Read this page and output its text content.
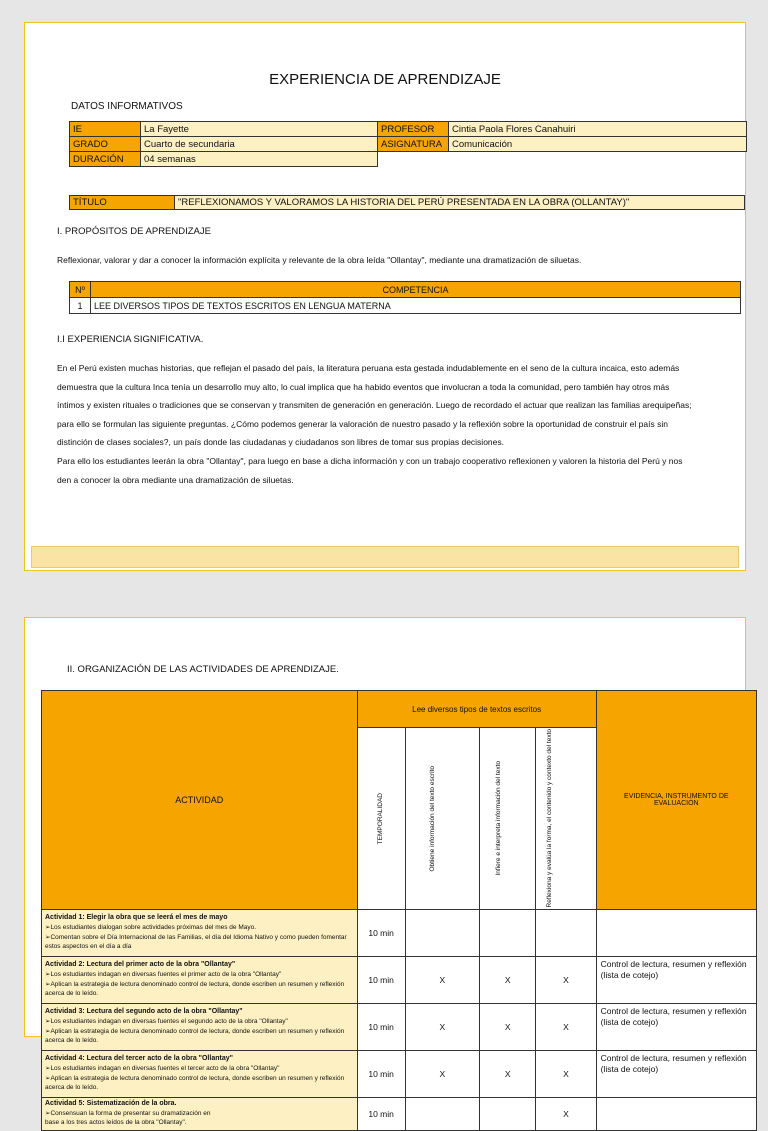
EXPERIENCIA DE APRENDIZAJE
DATOS INFORMATIVOS
IE	La Fayette	PROFESOR	Cintia Paola Flores Canahuiri
GRADO	Cuarto de secundaria	ASIGNATURA	Comunicación
DURACIÓN	04 semanas		
TÍTULO	"REFLEXIONAMOS Y VALORAMOS LA HISTORIA DEL PERÚ PRESENTADA EN LA OBRA (OLLANTAY)"
I. PROPÓSITOS DE APRENDIZAJE
Reflexionar, valorar y dar a conocer la información explícita y relevante de la obra leída "Ollantay", mediante una dramatización de siluetas.
Nº	COMPETENCIA
1	LEE DIVERSOS TIPOS DE TEXTOS ESCRITOS EN LENGUA MATERNA
I.I EXPERIENCIA SIGNIFICATIVA.
En el Perú existen muchas historias, que reflejan el pasado del país, la literatura peruana esta gestada indudablemente en el seno de la cultura incaica, esto además
demuestra que la cultura Inca tenía un desarrollo muy alto, lo cual implica que ha habido eventos que involucran a toda la comunidad, pero también hay otros más
íntimos y existen rituales o tradiciones que se conservan y transmiten de generación en generación. Luego de recordado el actuar que realizan las familias arequipeñas;
para ello se formulan las siguiente preguntas. ¿Cómo podemos generar la valoración de nuestro pasado y la reflexión sobre la oportunidad de construir el país sin
distinción de clases sociales?, un país donde las ciudadanas y ciudadanos son libres de tomar sus propias decisiones.
Para ello los estudiantes leerán la obra "Ollantay", para luego en base a dicha información y con un trabajo cooperativo reflexionen y valoren la historia del Perú y nos
den a conocer la obra mediante una dramatización de siluetas.
II. ORGANIZACIÓN DE LAS ACTIVIDADES DE APRENDIZAJE.
ACTIVIDAD	Lee diversos tipos de textos escritos				EVIDENCIA, INSTRUMENTO DE EVALUACIÓN

	TEMPORALIDAD	Obtiene información del texto escrito	Infiere e interpreta información del texto	Reflexiona y evalúa la forma, el contenido y contexto del texto	

Actividad 1: Elegir la obra que se leerá el mes de mayo
➢Los estudiantes dialogan sobre actividades próximas del mes de Mayo.
➢Comentan sobre el Día Internacional de las Familias, el día del Idioma Nativo y como pueden fomentar estos aspectos en el día a día	10 min				
Actividad 2: Lectura del primer acto de la obra "Ollantay"
➢Los estudiantes indagan en diversas fuentes el primer acto de la obra "Ollantay"
➢Aplican la estrategia de lectura denominado control de lectura, donde escriben un resumen y reflexión acerca de lo leído.	10 min	X	X	X	Control de lectura, resumen y reflexión (lista de cotejo)
Actividad 3: Lectura del segundo acto de la obra "Ollantay"
➢Los estudiantes indagan en diversas fuentes el segundo acto de la obra "Ollantay"
➢Aplican la estrategia de lectura denominado control de lectura, donde escriben un resumen y reflexión acerca de lo leído.	10 min	X	X	X	Control de lectura, resumen y reflexión (lista de cotejo)
Actividad 4: Lectura del tercer acto de la obra "Ollantay"
➢Los estudiantes indagan en diversas fuentes el tercer acto de la obra "Ollantay"
➢Aplican la estrategia de lectura denominado control de lectura, donde escriben un resumen y reflexión acerca de lo leído.	10 min	X	X	X	Control de lectura, resumen y reflexión (lista de cotejo)
Actividad 5: Sistematización de la obra.
➢Consensuan la forma de presentar su dramatización en
base a los tres actos leídos de la obra "Ollantay".	10 min			X	
